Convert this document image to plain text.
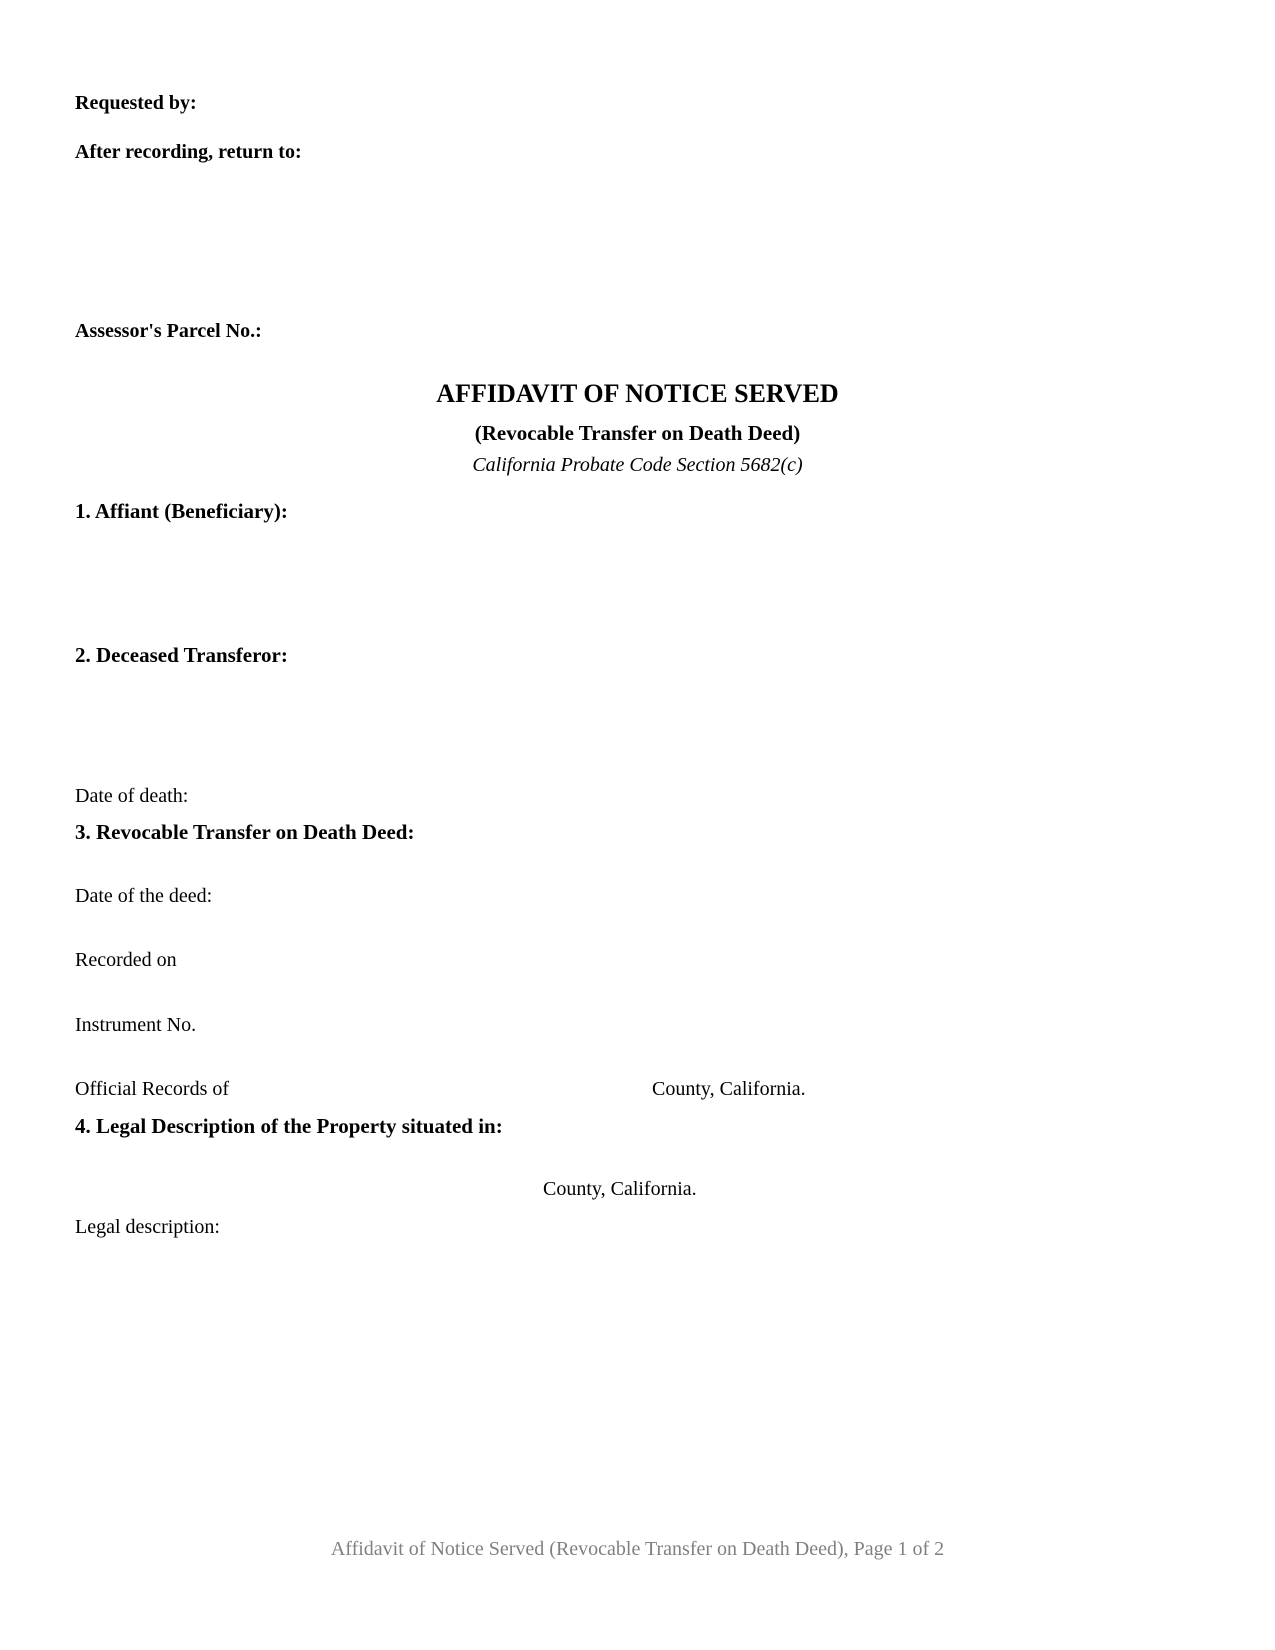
Requested by:
After recording, return to:
Assessor's Parcel No.:
AFFIDAVIT OF NOTICE SERVED
(Revocable Transfer on Death Deed)
California Probate Code Section 5682(c)
1. Affiant (Beneficiary):
2. Deceased Transferor:
Date of death:
3. Revocable Transfer on Death Deed:
Date of the deed:
Recorded on
Instrument No.
Official Records of	County, California.
4. Legal Description of the Property situated in:
County, California.
Legal description:
Affidavit of Notice Served (Revocable Transfer on Death Deed), Page 1 of 2
